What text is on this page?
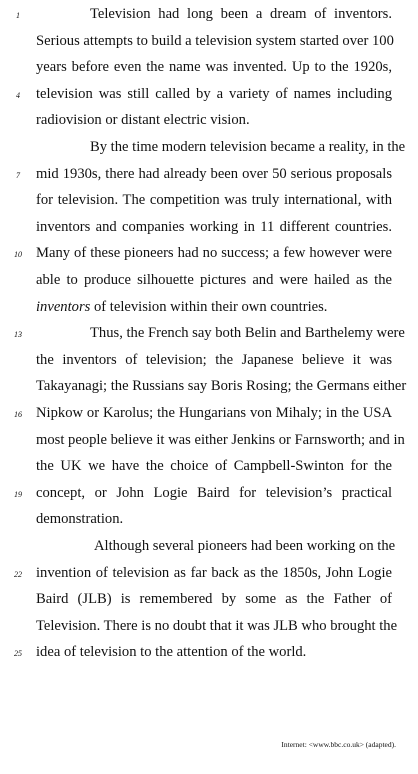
Television had long been a dream of inventors.
1
Serious attempts to build a television system started over 100
years before even the name was invented. Up to the 1920s,
television was still called by a variety of names including
4
radiovision or distant electric vision.
By the time modern television became a reality, in the
mid 1930s, there had already been over 50 serious proposals
7
for television. The competition was truly international, with
inventors and companies working in 11 different countries.
Many of these pioneers had no success; a few however were
10
able to produce silhouette pictures and were hailed as the
inventors of television within their own countries.
Thus, the French say both Belin and Barthelemy were
13
the inventors of television; the Japanese believe it was
Takayanagi; the Russians say Boris Rosing; the Germans either
Nipkow or Karolus; the Hungarians von Mihaly; in the USA
16
most people believe it was either Jenkins or Farnsworth; and in
the UK we have the choice of Campbell-Swinton for the
concept, or John Logie Baird for television’s practical
19
demonstration.
Although several pioneers had been working on the
invention of television as far back as the 1850s, John Logie
22
Baird (JLB) is remembered by some as the Father of
Television. There is no doubt that it was JLB who brought the
idea of television to the attention of the world.
25
Internet: <www.bbc.co.uk> (adapted).
